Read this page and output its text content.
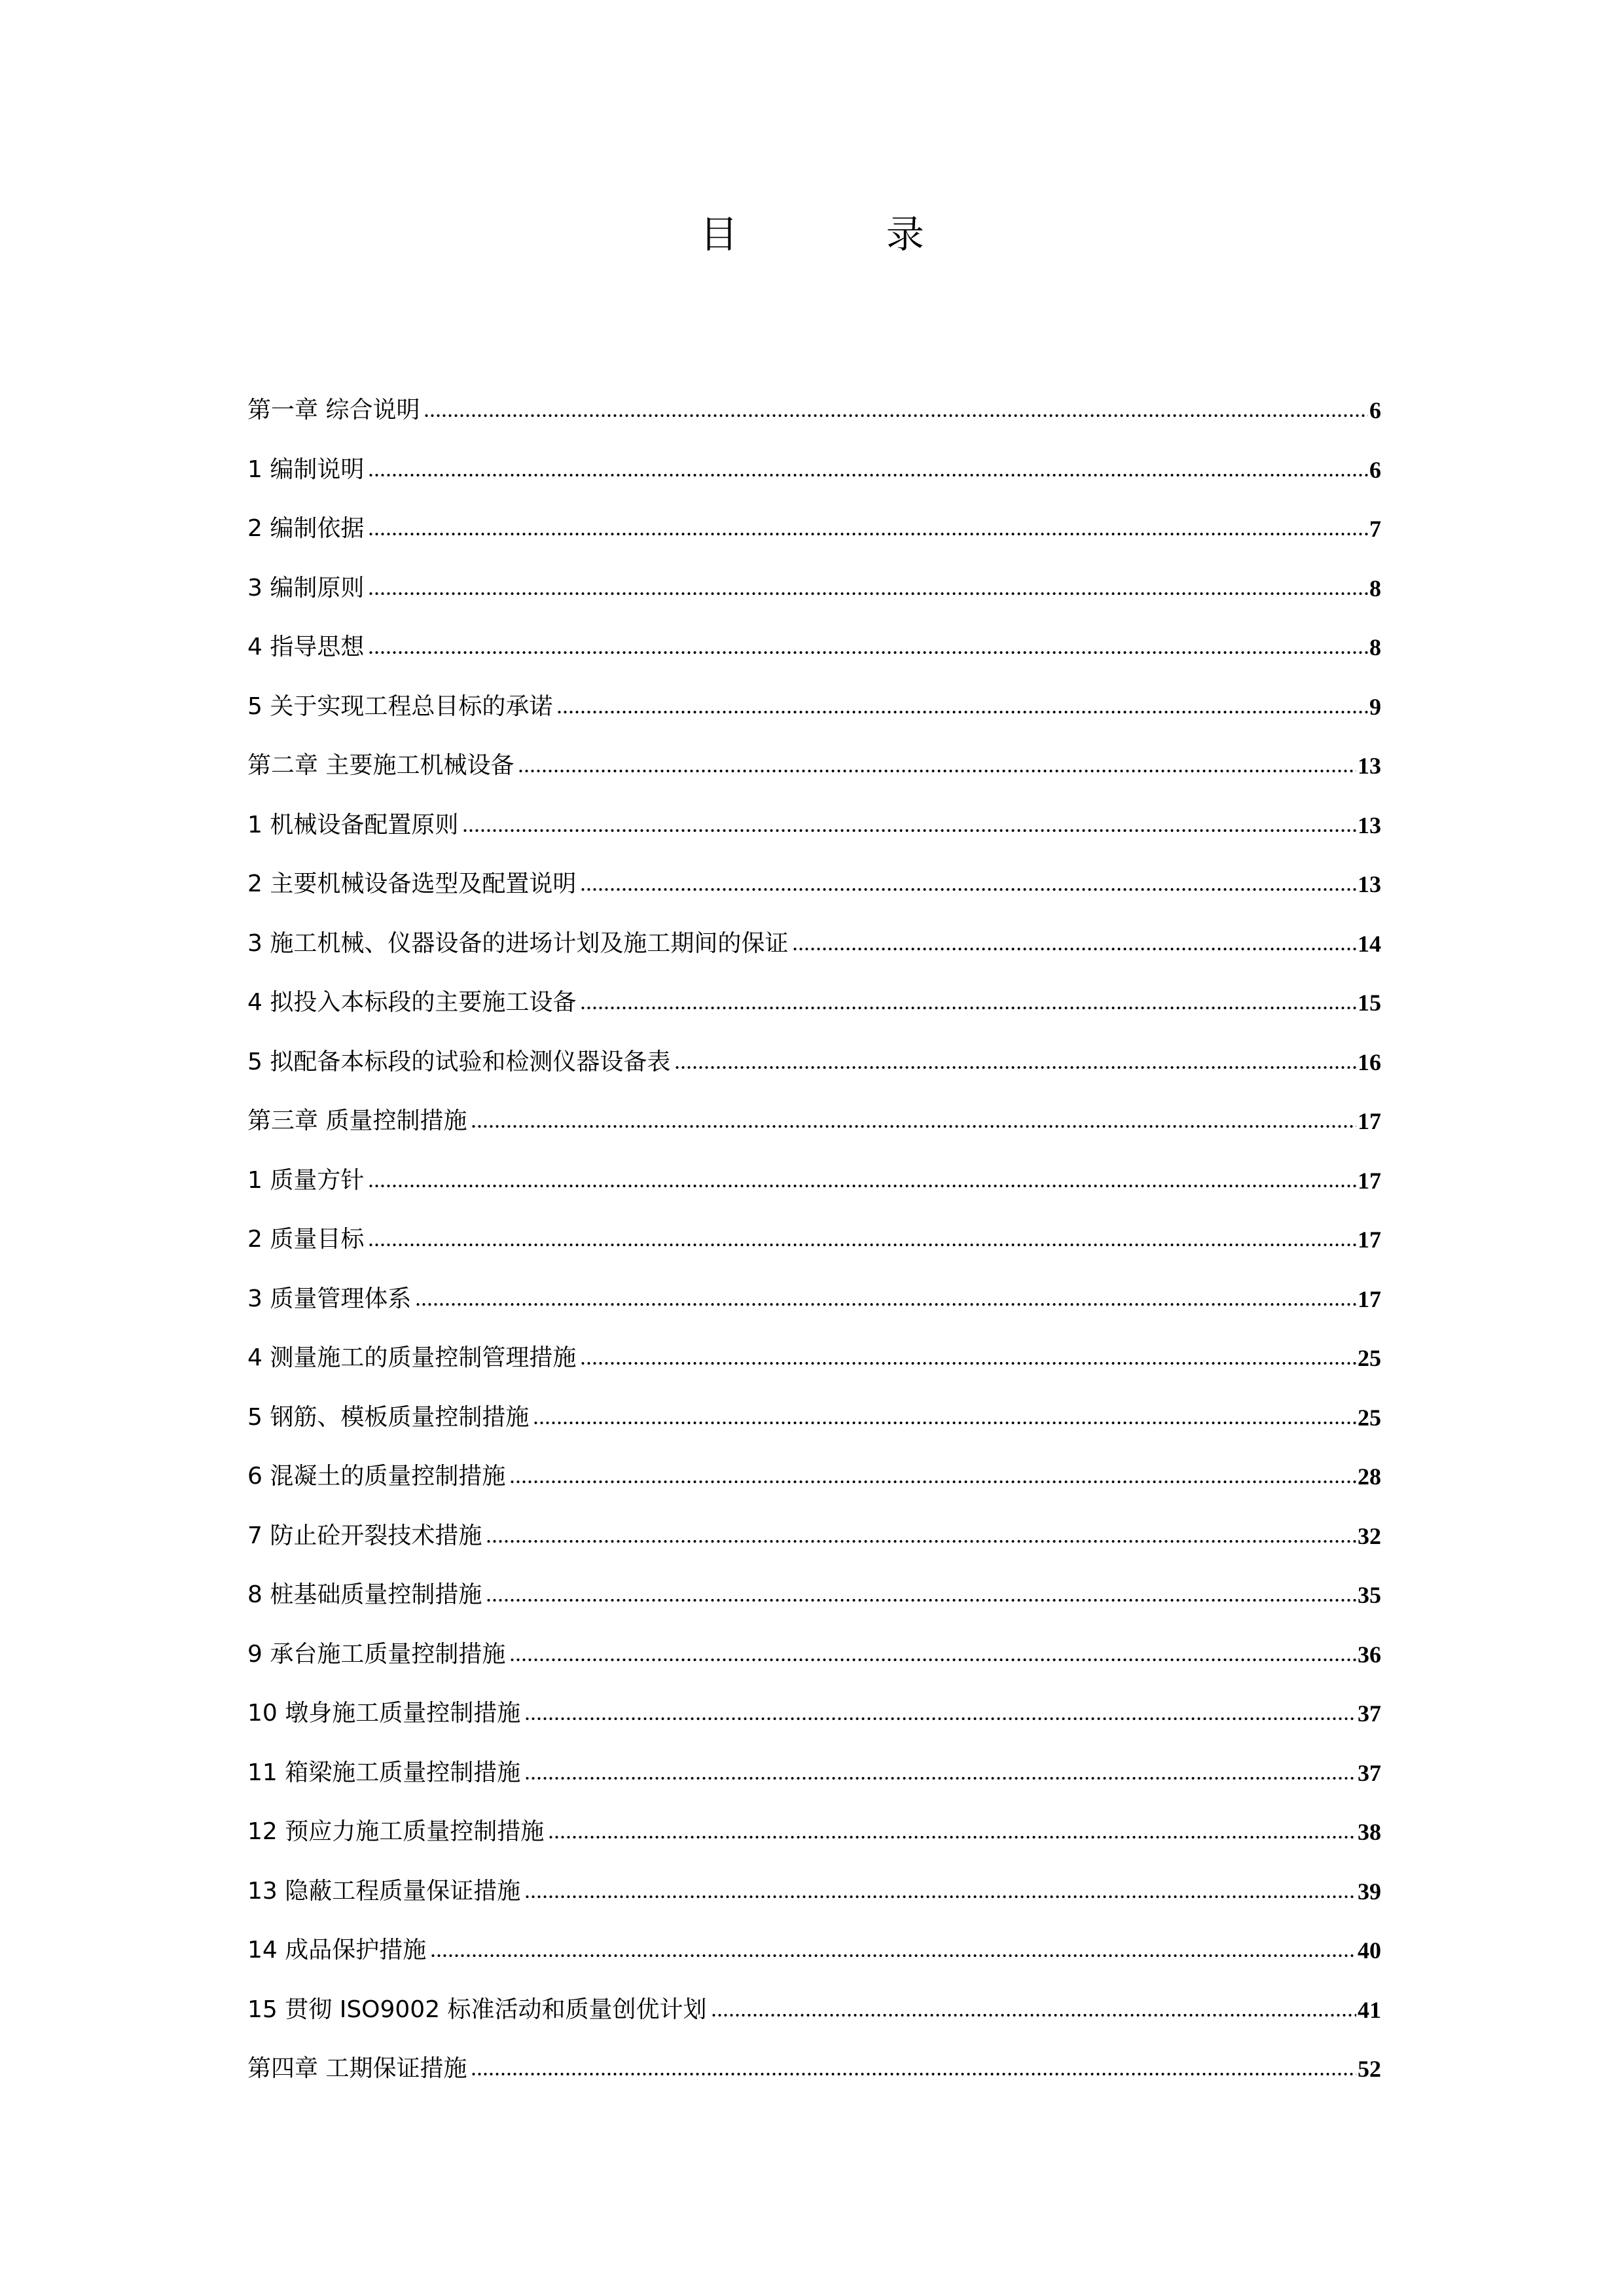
目 录
第一章 综合说明	6
1 编制说明	6
2 编制依据	7
3 编制原则	8
4 指导思想	8
5 关于实现工程总目标的承诺	9
第二章 主要施工机械设备	13
1 机械设备配置原则	13
2 主要机械设备选型及配置说明	13
3 施工机械、仪器设备的进场计划及施工期间的保证	14
4 拟投入本标段的主要施工设备	15
5 拟配备本标段的试验和检测仪器设备表	16
第三章 质量控制措施	17
1 质量方针	17
2 质量目标	17
3 质量管理体系	17
4 测量施工的质量控制管理措施	25
5 钢筋、模板质量控制措施	25
6 混凝土的质量控制措施	28
7 防止砼开裂技术措施	32
8 桩基础质量控制措施	35
9 承台施工质量控制措施	36
10 墩身施工质量控制措施	37
11 箱梁施工质量控制措施	37
12 预应力施工质量控制措施	38
13 隐蔽工程质量保证措施	39
14 成品保护措施	40
15 贯彻 ISO9002 标准活动和质量创优计划	41
第四章 工期保证措施	52
